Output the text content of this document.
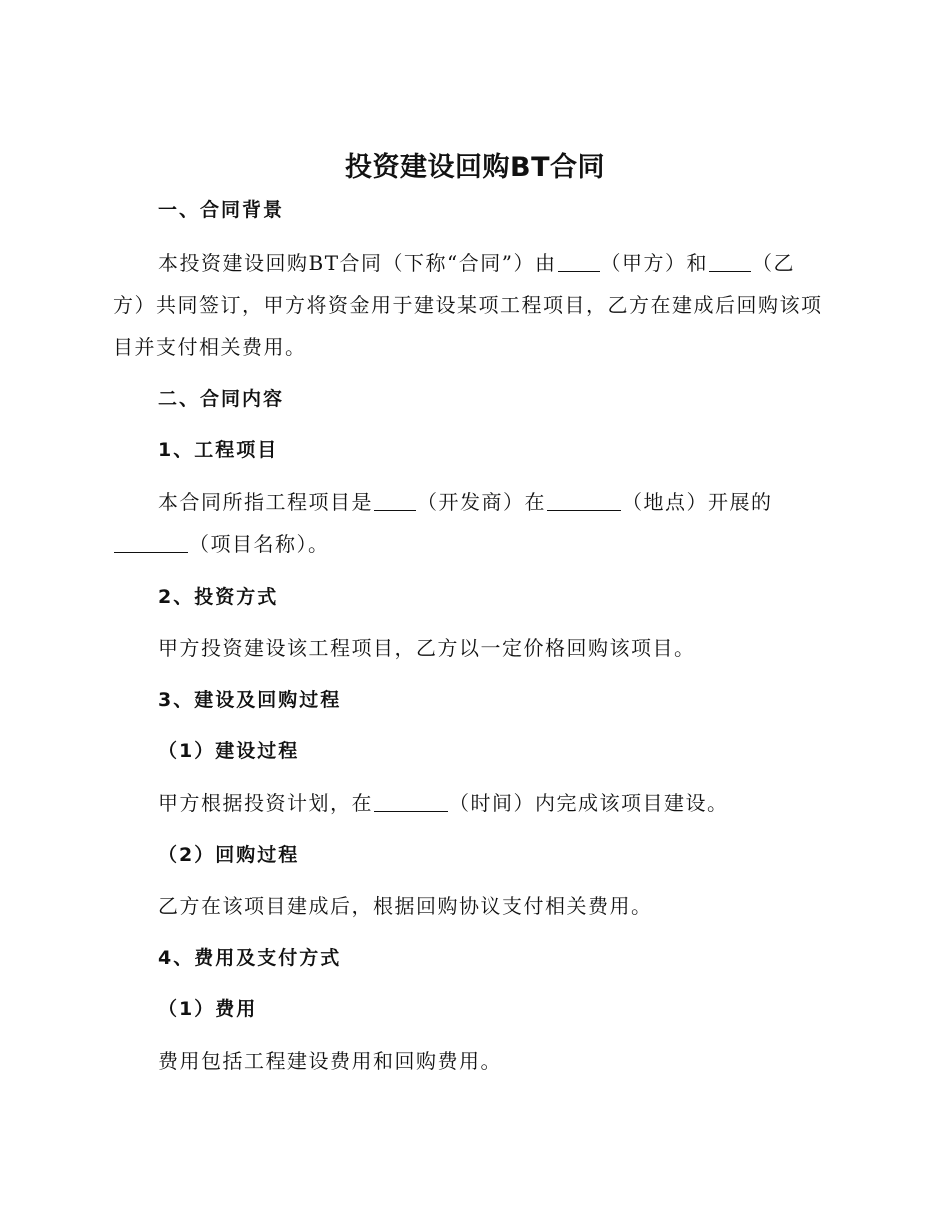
投资建设回购BT合同
一、合同背景
本投资建设回购BT合同（下称“合同”）由 （甲方）和 （乙
方）共同签订，甲方将资金用于建设某项工程项目，乙方在建成后回购该项
目并支付相关费用。
二、合同内容
1、工程项目
本合同所指工程项目是 （开发商）在	（地点）开展的
（项目名称）。
2、投资方式
甲方投资建设该工程项目，乙方以一定价格回购该项目。
3、建设及回购过程
（1）建设过程
甲方根据投资计划，在	（时间）内完成该项目建设。
（2）回购过程
乙方在该项目建成后，根据回购协议支付相关费用。
4、费用及支付方式
（1）费用
费用包括工程建设费用和回购费用。
